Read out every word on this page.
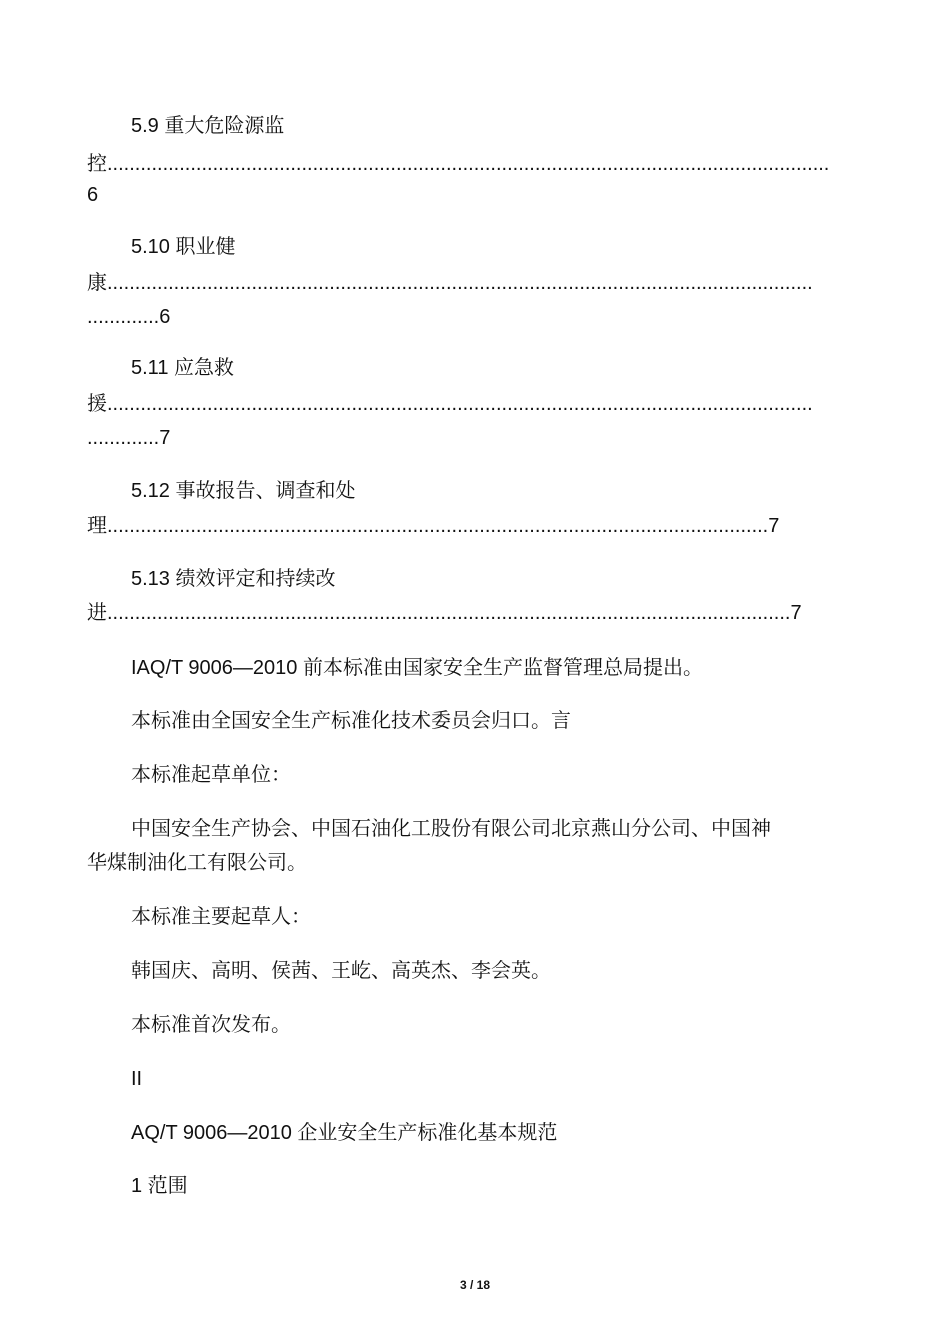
5.9 重大危险源监
控..................................................................................................................................
6
5.10 职业健
康...............................................................................................................................
.............6
5.11 应急救
援...............................................................................................................................
.............7
5.12 事故报告、调查和处
理.......................................................................................................................7
5.13 绩效评定和持续改
进...........................................................................................................................7
IAQ/T 9006—2010 前本标准由国家安全生产监督管理总局提出。
本标准由全国安全生产标准化技术委员会归口。言
本标准起草单位：
中国安全生产协会、中国石油化工股份有限公司北京燕山分公司、中国神
华煤制油化工有限公司。
本标准主要起草人：
韩国庆、高明、侯茜、王屹、高英杰、李会英。
本标准首次发布。
II
AQ/T 9006—2010 企业安全生产标准化基本规范
1 范围
3 / 18
